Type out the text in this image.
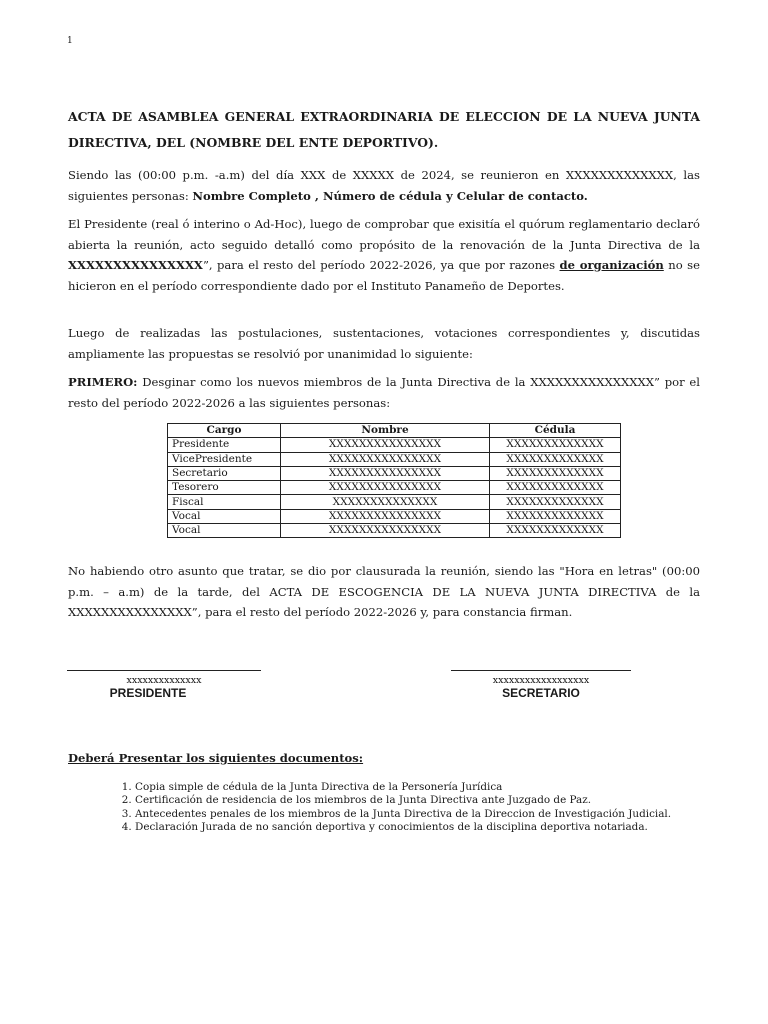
1

ACTA DE ASAMBLEA GENERAL EXTRAORDINARIA DE ELECCION DE LA NUEVA JUNTA DIRECTIVA, DEL (NOMBRE DEL ENTE DEPORTIVO).

Siendo las (00:00 p.m. -a.m) del día XXX de XXXXX de 2024, se reunieron en XXXXXXXXXXXXX, las siguientes personas: Nombre Completo , Número de cédula y Celular de contacto.

El Presidente (real ó interino o Ad-Hoc), luego de comprobar que exisitía el quórum reglamentario declaró abierta la reunión, acto seguido detalló como propósito de la renovación de la Junta Directiva de la XXXXXXXXXXXXXXX”, para el resto del período 2022-2026, ya que por razones de organización no se hicieron en el período correspondiente dado por el Instituto Panameño de Deportes.

Luego de realizadas las postulaciones, sustentaciones, votaciones correspondientes y, discutidas ampliamente las propuestas se resolvió por unanimidad lo siguiente:

PRIMERO: Desginar como los nuevos miembros de la Junta Directiva de la XXXXXXXXXXXXXXX” por el resto del período 2022-2026 a las siguientes personas:

Cargo	Nombre	Cédula
Presidente	XXXXXXXXXXXXXXX	XXXXXXXXXXXXX
VicePresidente	XXXXXXXXXXXXXXX	XXXXXXXXXXXXX
Secretario	XXXXXXXXXXXXXXX	XXXXXXXXXXXXX
Tesorero	XXXXXXXXXXXXXXX	XXXXXXXXXXXXX
Fiscal	XXXXXXXXXXXXXX	XXXXXXXXXXXXX
Vocal	XXXXXXXXXXXXXXX	XXXXXXXXXXXXX
Vocal	XXXXXXXXXXXXXXX	XXXXXXXXXXXXX

No habiendo otro asunto que tratar, se dio por clausurada la reunión, siendo las "Hora en letras" (00:00 p.m. – a.m) de la tarde, del ACTA DE ESCOGENCIA DE LA NUEVA JUNTA DIRECTIVA de la XXXXXXXXXXXXXXX”, para el resto del período 2022-2026 y, para constancia firman.

xxxxxxxxxxxxxx
PRESIDENTE
xxxxxxxxxxxxxxxxxx
SECRETARIO

Deberá Presentar los siguientes documentos:

1. Copia simple de cédula de la Junta Directiva de la Personería Jurídica
2. Certificación de residencia de los miembros de la Junta Directiva ante Juzgado de Paz.
3. Antecedentes penales de los miembros de la Junta Directiva de la Direccion de Investigación Judicial.
4. Declaración Jurada de no sanción deportiva y conocimientos de la disciplina deportiva notariada.
